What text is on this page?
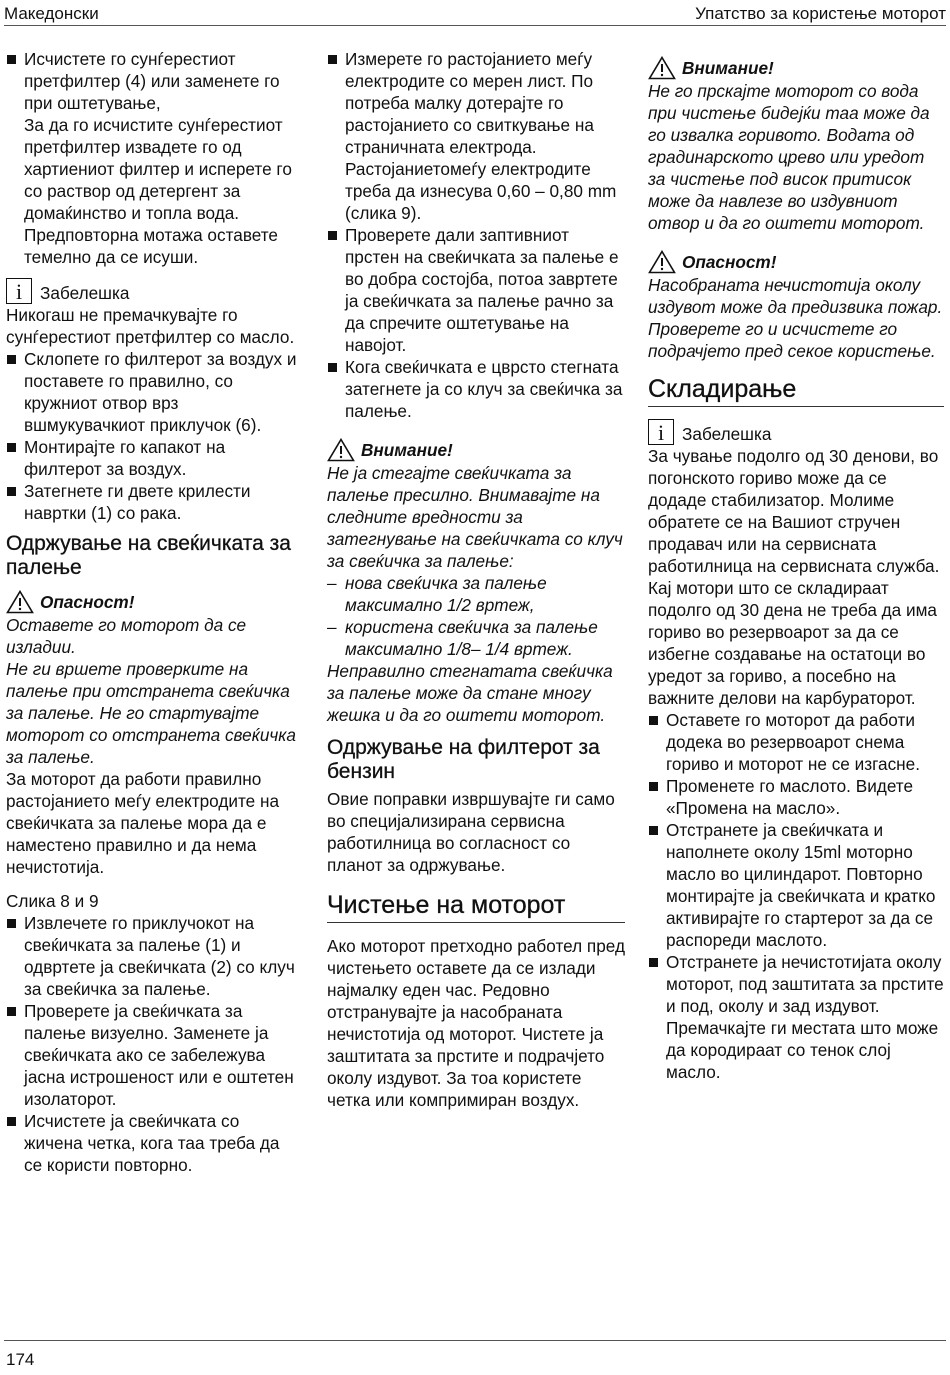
Македонски	Упатство за користење моторот
Исчистете го сунѓерестиот претфилтер (4) или заменете го при оштетување,

За да го исчистите сунѓерестиот претфилтер извадете го од хартиениот филтер и исперете го со раствор од детергент за домаќинство и топла вода. Предповторна мотажа оставете темелно да се исуши.

i	Забелешка

Никогаш не премачкувајте го сунѓерестиот претфилтер со масло.

Склопете го филтерот за воздух и поставете го правилно, со кружниот отвор врз вшмукувачкиот приклучок (6).
Монтирајте го капакот на филтерот за воздух.
Затегнете ги двете крилести навртки (1) со рака.
Одржување на свеќичката за палење
Опасност!

Оставете го моторот да се изладии.

Не ги вршете проверките на палење при отстранета свеќичка за палење. Не го стартувајте моторот со отстранета свеќичка за палење.

За моторот да работи правилно растојанието меѓу електродите на свеќичката за палење мора да е наместено правилно и да нема нечистотија.

Слика 8 и 9

Извлечете го приклучокот на свеќичката за палење (1) и одвртете ја свеќичката (2) со клуч за свеќичка за палење.
Проверете ја свеќичката за палење визуелно. Заменете ја свеќичката ако се забележува јасна истрошеност или е оштетен изолаторот.
Исчистете ја свеќичката со жичена четка, кога таа треба да се користи повторно.
Измерете го растојанието меѓу електродите со мерен лист. По потреба малку дотерајте го растојанието со свиткување на страничната електрода. Растојаниетомеѓу електродите треба да изнесува 0,60 – 0,80 mm (слика 9).
Проверете дали заптивниот прстен на свеќичката за палење е во добра состојба, потоа завртете ја свеќичката за палење рачно за да спречите оштетување на навојот.
Кога свеќичката е цврсто стегната затегнете ја со клуч за свеќичка за палење.
Внимание!

Не ја стегајте свеќичката за палење пресилно. Внимавајте на следните вредности за затегнување на свеќичката со клуч за свеќичка за палење:

– нова свеќичка за палење максимално 1/2 вртеж,
– користена свеќичка за палење максимално 1/8– 1/4 вртеж.

Неправилно стегнатата свеќичка за палење може да стане многу жешка и да го оштети моторот.

Одржување на филтерот за бензин

Овие поправки извршувајте ги само во специјализирана сервисна работилница во согласност со планот за одржување.

Чистење на моторот

Ако моторот претходно работел пред чистењето оставете да се излади најмалку еден час. Редовно отстранувајте ја насобраната нечистотија од моторот. Чистете ја заштитата за прстите и подрачјето околу издувот. За тоа користете четка или компримиран воздух.

Внимание!

Не го прскајте моторот со вода при чистење бидејќи таа може да го извалка горивото. Водата од градинарското црево или уредот за чистење под висок притисок може да навлезе во издувниот отвор и да го оштети моторот.

Опасност!

Насобраната нечистотија околу издувот може да предизвика пожар. Проверете го и исчистете го подрачјето пред секое користење.

Складирање
i	Забелешка

За чување подолго од 30 денови, во погонското гориво може да се додаде стабилизатор. Молиме обратете се на Вашиот стручен продавач или на сервисната работилница на сервисната служба.

Кај мотори што се складираат подолго од 30 дена не треба да има гориво во резервоарот за да се избегне создавање на остатоци во уредот за гориво, а посебно на важните делови на карбураторот.

Оставете го моторот да работи додека во резервоарот снема гориво и моторот не се изгасне.
Променете го маслото. Видете «Промена на масло».
Отстранете ја свеќичката и наполнете околу 15ml моторно масло во цилиндарот. Повторно монтирајте ја свеќичката и кратко активирајте го стартерот за да се распореди маслото.
Отстранете ја нечистотијата околу моторот, под заштитата за прстите и под, околу и зад издувот. Премачкајте ги местата што може да кородираат со тенок слој масло.
174
